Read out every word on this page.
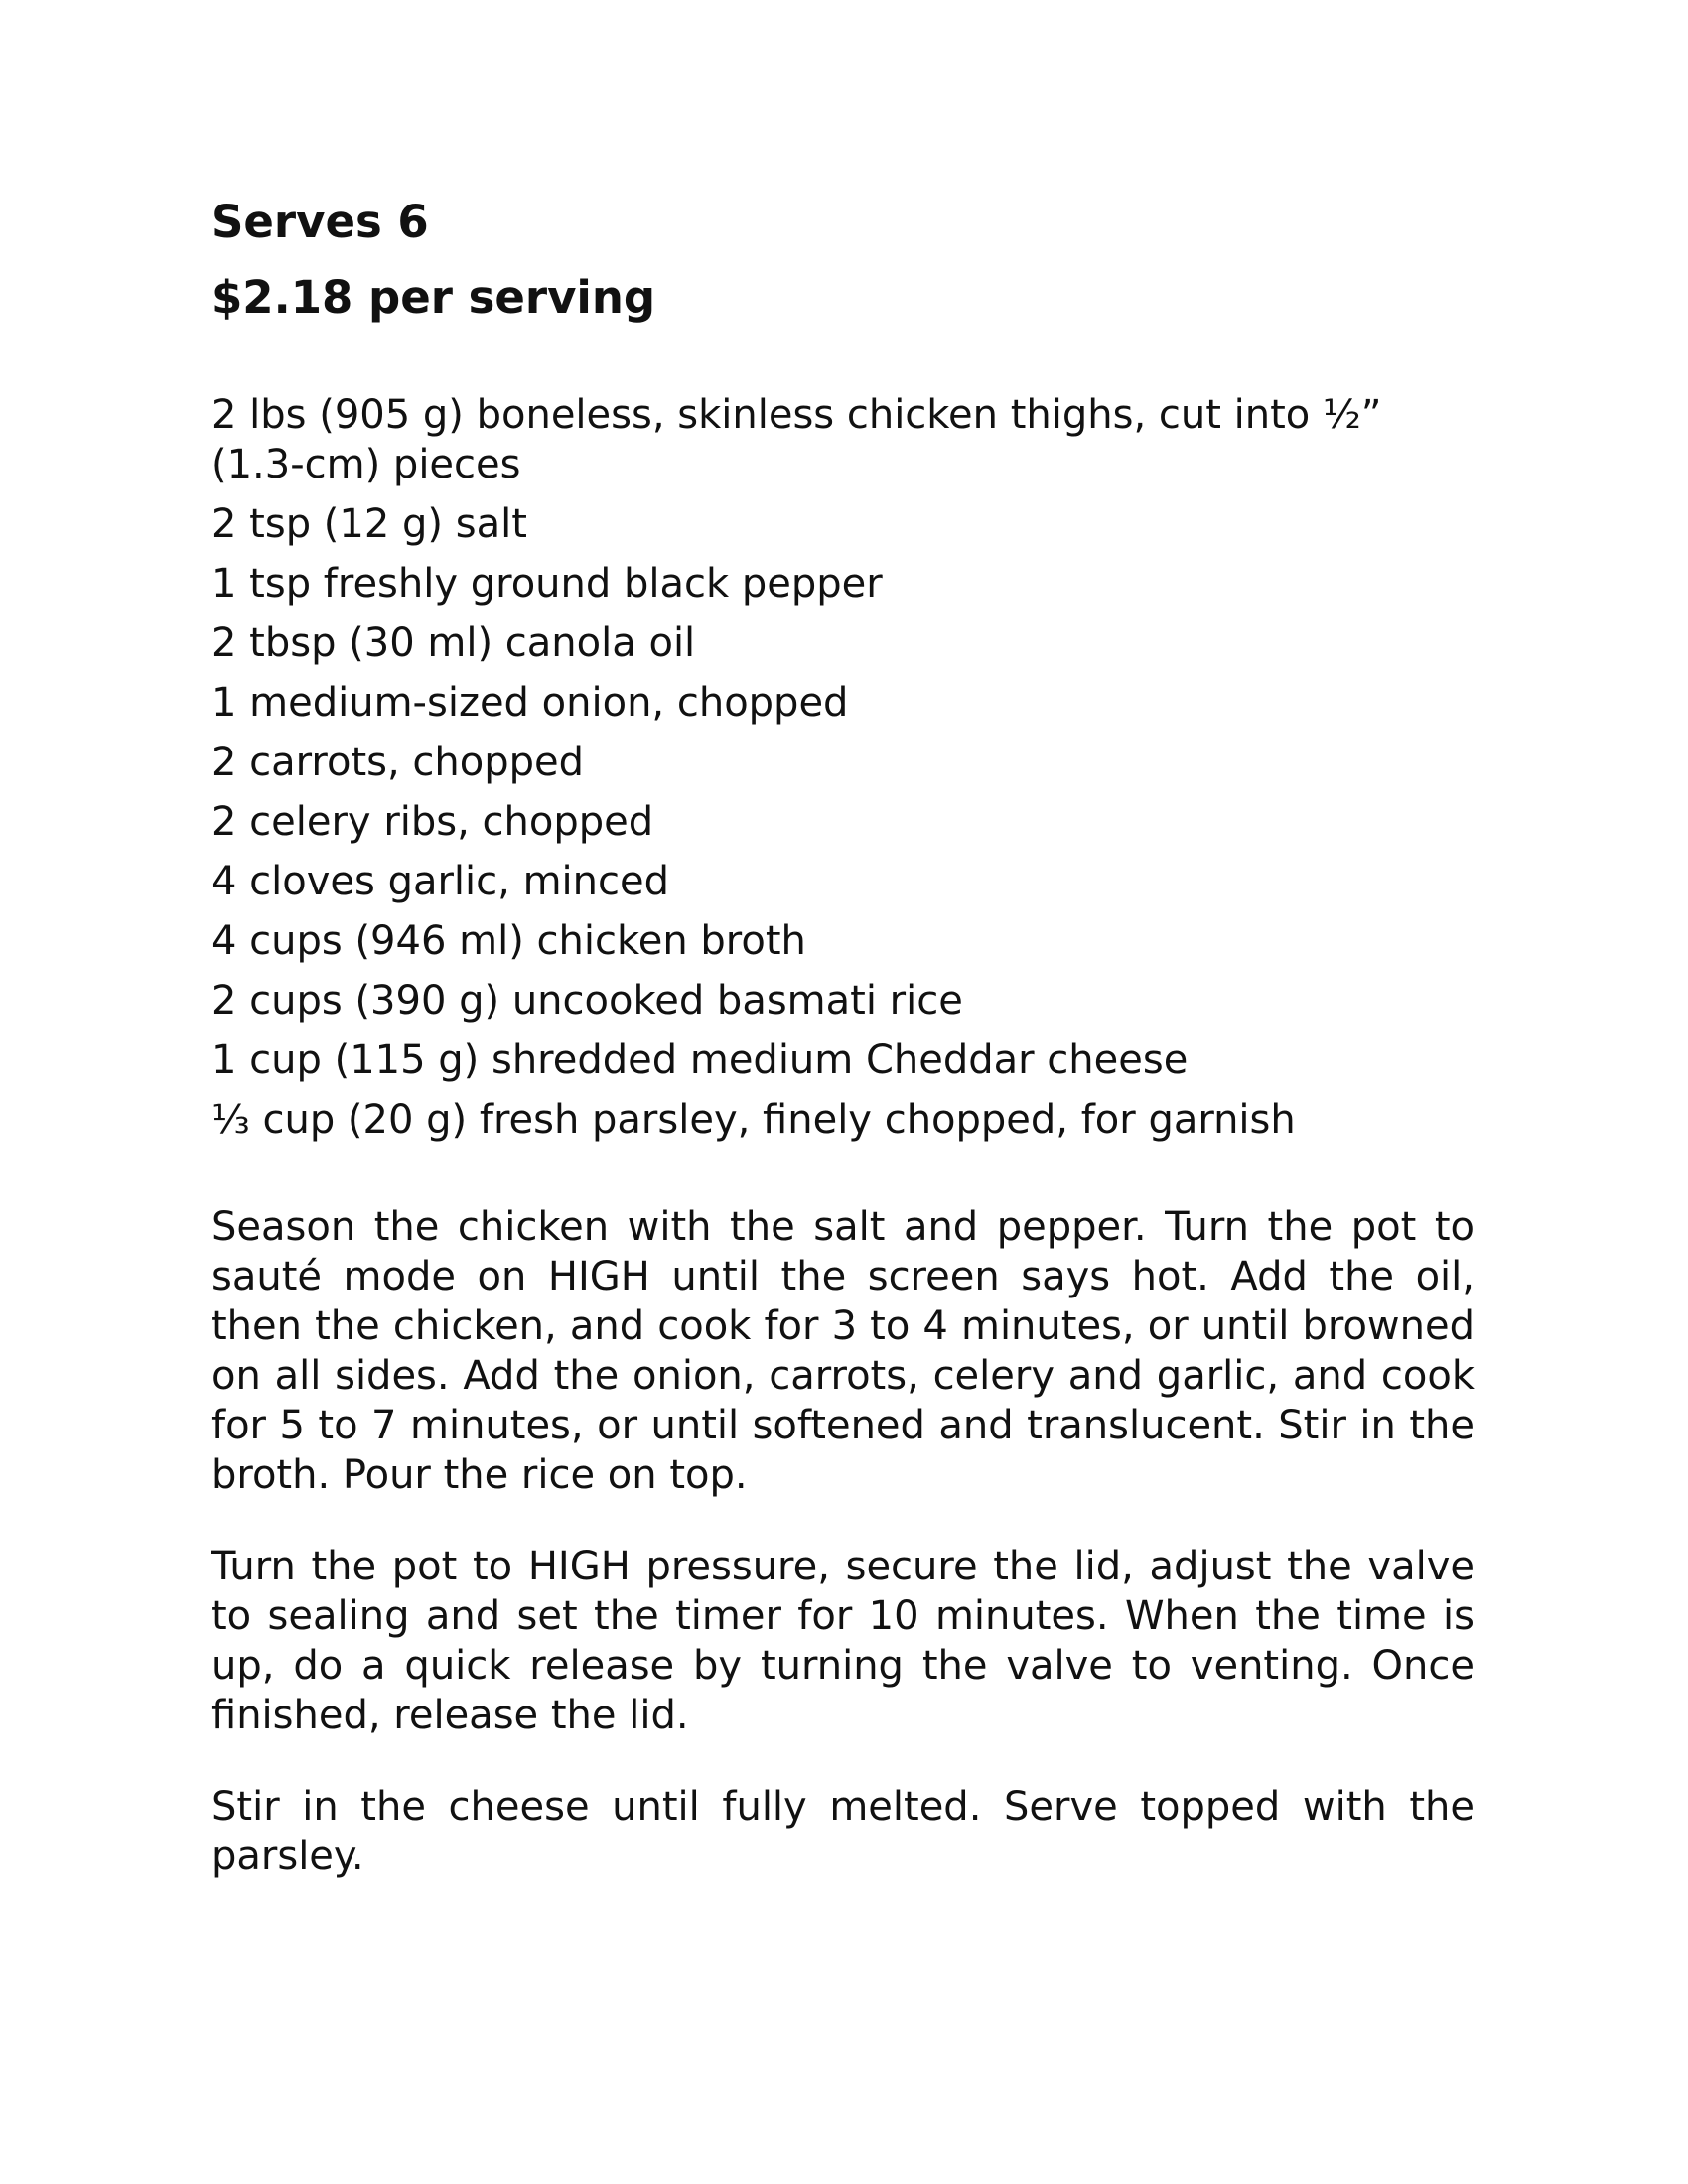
Serves 6
$2.18 per serving
2 lbs (905 g) boneless, skinless chicken thighs, cut into ½” (1.3-cm) pieces
2 tsp (12 g) salt
1 tsp freshly ground black pepper
2 tbsp (30 ml) canola oil
1 medium-sized onion, chopped
2 carrots, chopped
2 celery ribs, chopped
4 cloves garlic, minced
4 cups (946 ml) chicken broth
2 cups (390 g) uncooked basmati rice
1 cup (115 g) shredded medium Cheddar cheese
⅓ cup (20 g) fresh parsley, finely chopped, for garnish

Season the chicken with the salt and pepper. Turn the pot to sauté mode on HIGH until the screen says hot. Add the oil, then the chicken, and cook for 3 to 4 minutes, or until browned on all sides. Add the onion, carrots, celery and garlic, and cook for 5 to 7 minutes, or until softened and translucent. Stir in the broth. Pour the rice on top.

Turn the pot to HIGH pressure, secure the lid, adjust the valve to sealing and set the timer for 10 minutes. When the time is up, do a quick release by turning the valve to venting. Once finished, release the lid.

Stir in the cheese until fully melted. Serve topped with the parsley.
